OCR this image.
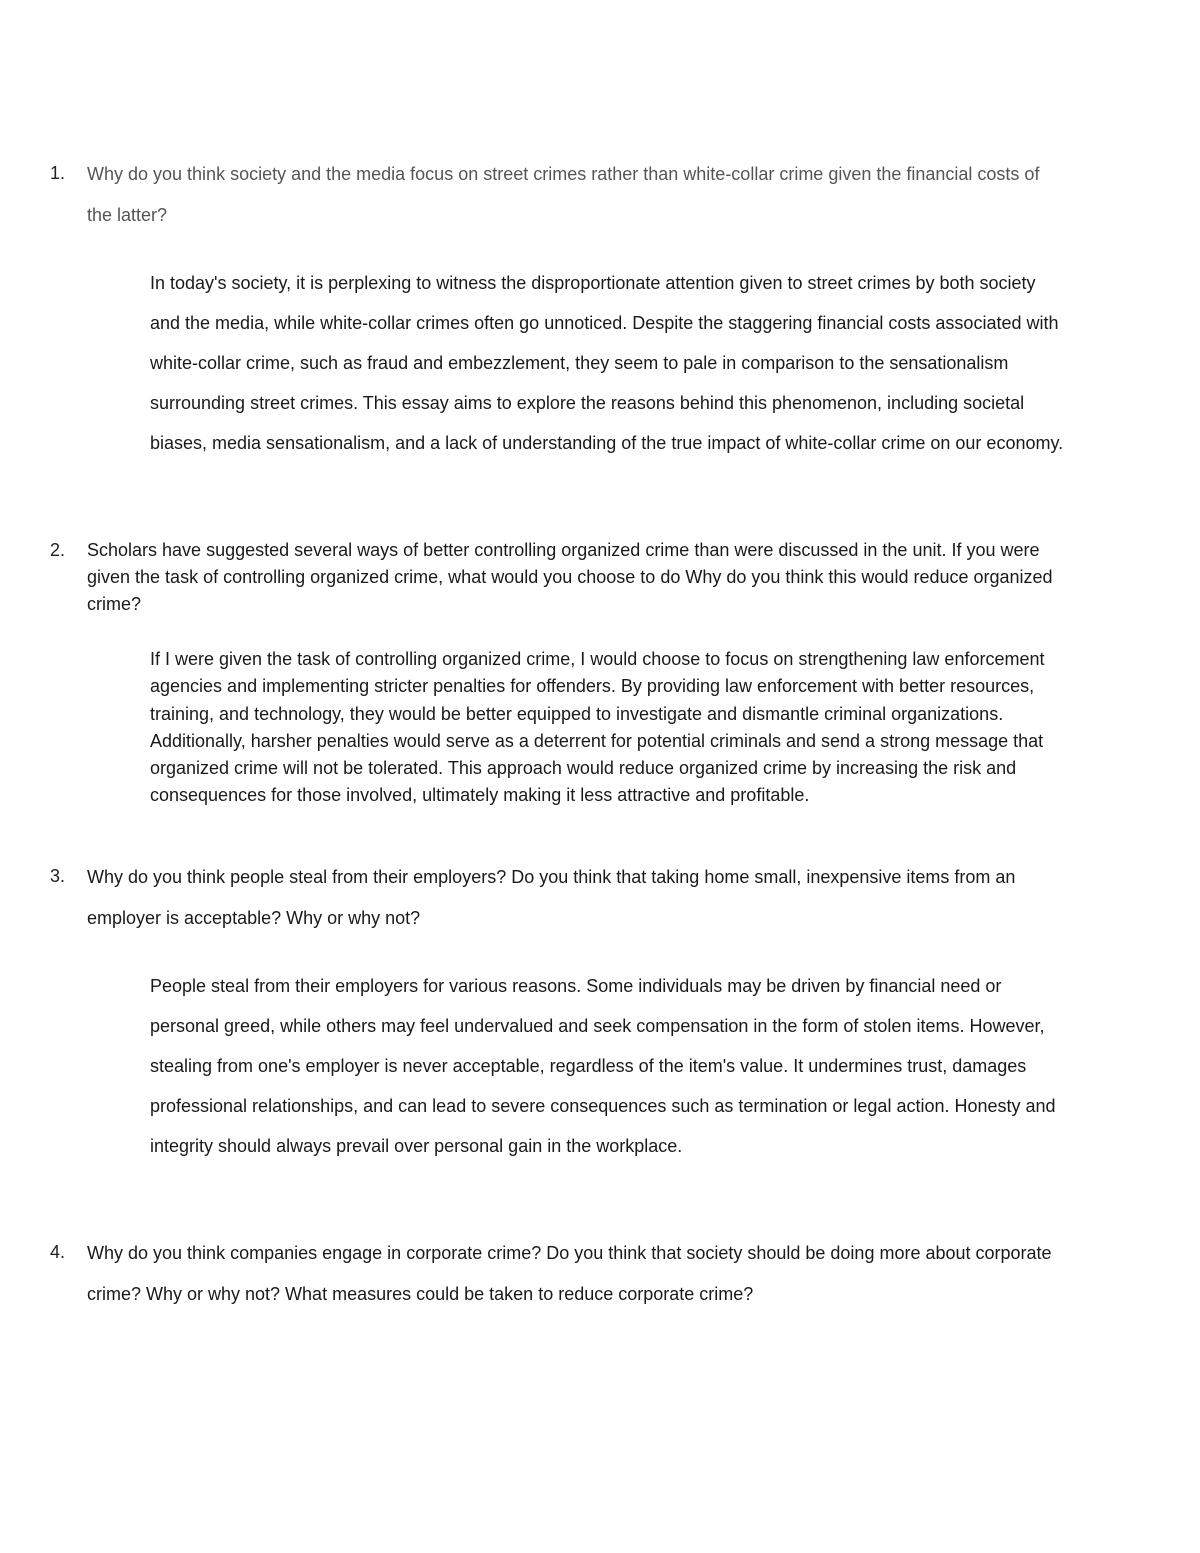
1. Why do you think society and the media focus on street crimes rather than white-collar crime given the financial costs of the latter?

In today's society, it is perplexing to witness the disproportionate attention given to street crimes by both society and the media, while white-collar crimes often go unnoticed. Despite the staggering financial costs associated with white-collar crime, such as fraud and embezzlement, they seem to pale in comparison to the sensationalism surrounding street crimes. This essay aims to explore the reasons behind this phenomenon, including societal biases, media sensationalism, and a lack of understanding of the true impact of white-collar crime on our economy.

2. Scholars have suggested several ways of better controlling organized crime than were discussed in the unit. If you were given the task of controlling organized crime, what would you choose to do Why do you think this would reduce organized crime?

If I were given the task of controlling organized crime, I would choose to focus on strengthening law enforcement agencies and implementing stricter penalties for offenders. By providing law enforcement with better resources, training, and technology, they would be better equipped to investigate and dismantle criminal organizations. Additionally, harsher penalties would serve as a deterrent for potential criminals and send a strong message that organized crime will not be tolerated. This approach would reduce organized crime by increasing the risk and consequences for those involved, ultimately making it less attractive and profitable.

3. Why do you think people steal from their employers? Do you think that taking home small, inexpensive items from an employer is acceptable? Why or why not?

People steal from their employers for various reasons. Some individuals may be driven by financial need or personal greed, while others may feel undervalued and seek compensation in the form of stolen items. However, stealing from one's employer is never acceptable, regardless of the item's value. It undermines trust, damages professional relationships, and can lead to severe consequences such as termination or legal action. Honesty and integrity should always prevail over personal gain in the workplace.

4. Why do you think companies engage in corporate crime? Do you think that society should be doing more about corporate crime? Why or why not? What measures could be taken to reduce corporate crime?
